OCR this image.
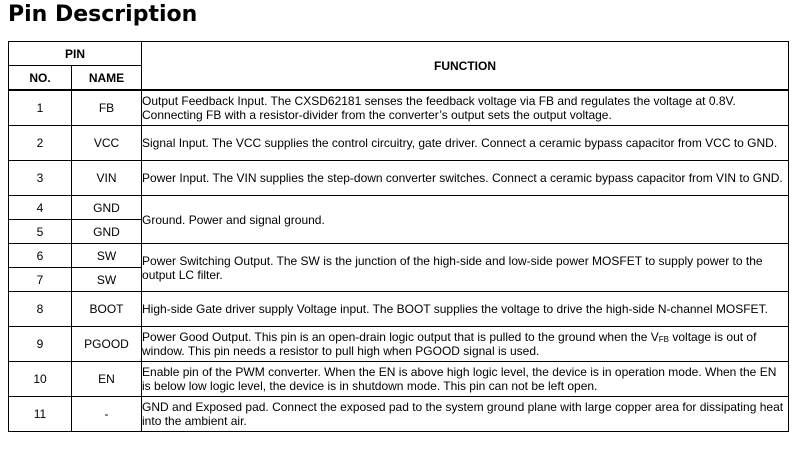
Pin Description
PIN		FUNCTION
NO.	NAME	
1	FB	Output Feedback Input. The CXSD62181 senses the feedback voltage via FB and regulates the voltage at 0.8V. Connecting FB with a resistor-divider from the converter’s output sets the output voltage.
2	VCC	Signal Input. The VCC supplies the control circuitry, gate driver. Connect a ceramic bypass capacitor from VCC to GND.
3	VIN	Power Input. The VIN supplies the step-down converter switches. Connect a ceramic bypass capacitor from VIN to GND.
4	GND	Ground. Power and signal ground.
5	GND	
6	SW	Power Switching Output. The SW is the junction of the high-side and low-side power MOSFET to supply power to the output LC filter.
7	SW	
8	BOOT	High-side Gate driver supply Voltage input. The BOOT supplies the voltage to drive the high-side N-channel MOSFET.
9	PGOOD	Power Good Output. This pin is an open-drain logic output that is pulled to the ground when the $V_{FB}$ voltage is out of window. This pin needs a resistor to pull high when PGOOD signal is used.
10	EN	Enable pin of the PWM converter. When the EN is above high logic level, the device is in operation mode. When the EN is below low logic level, the device is in shutdown mode. This pin can not be left open.
11	-	GND and Exposed pad. Connect the exposed pad to the system ground plane with large copper area for dissipating heat into the ambient air.
